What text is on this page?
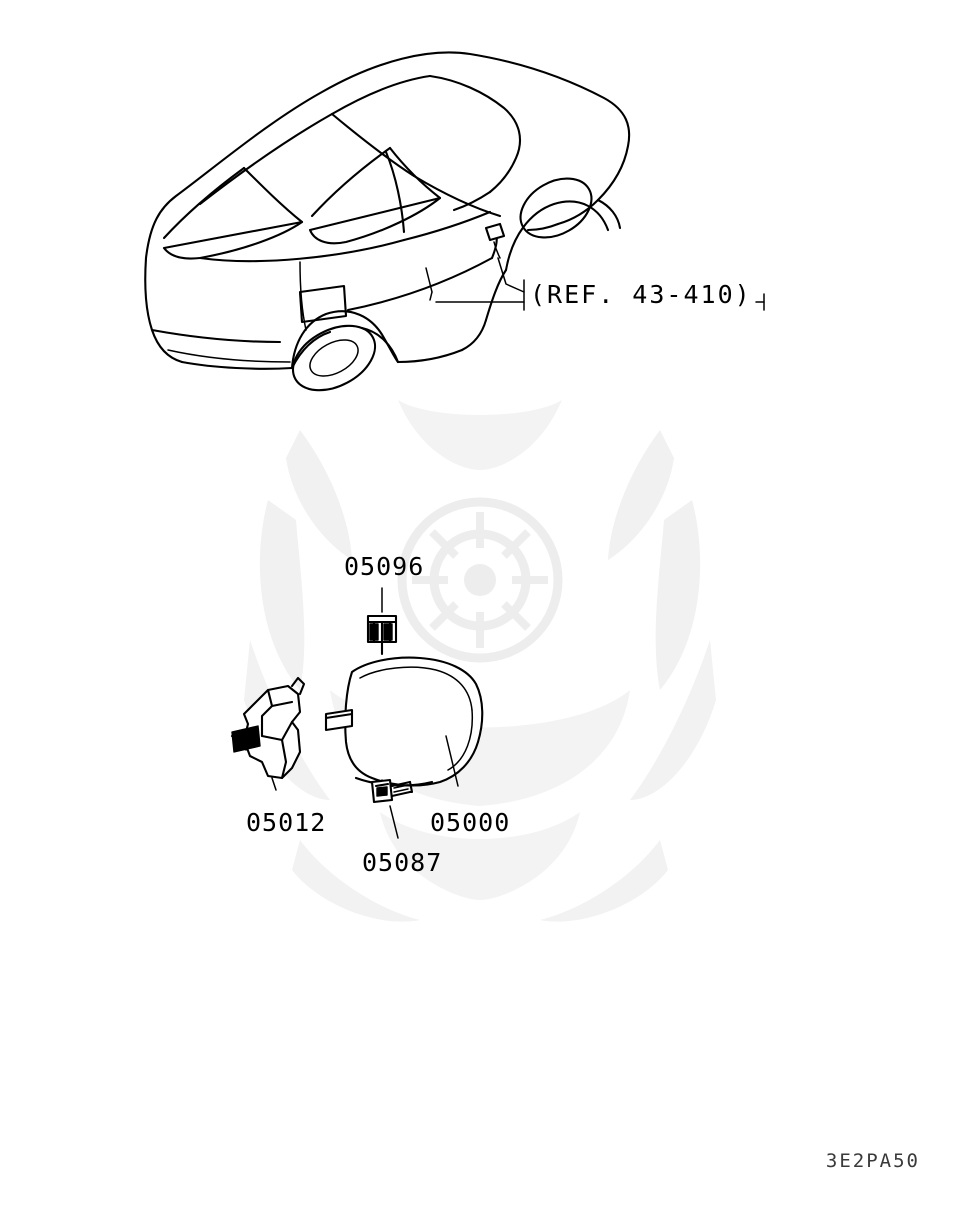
05096
05012	05000
05087
(REF. 43-410)
3E2PA50
